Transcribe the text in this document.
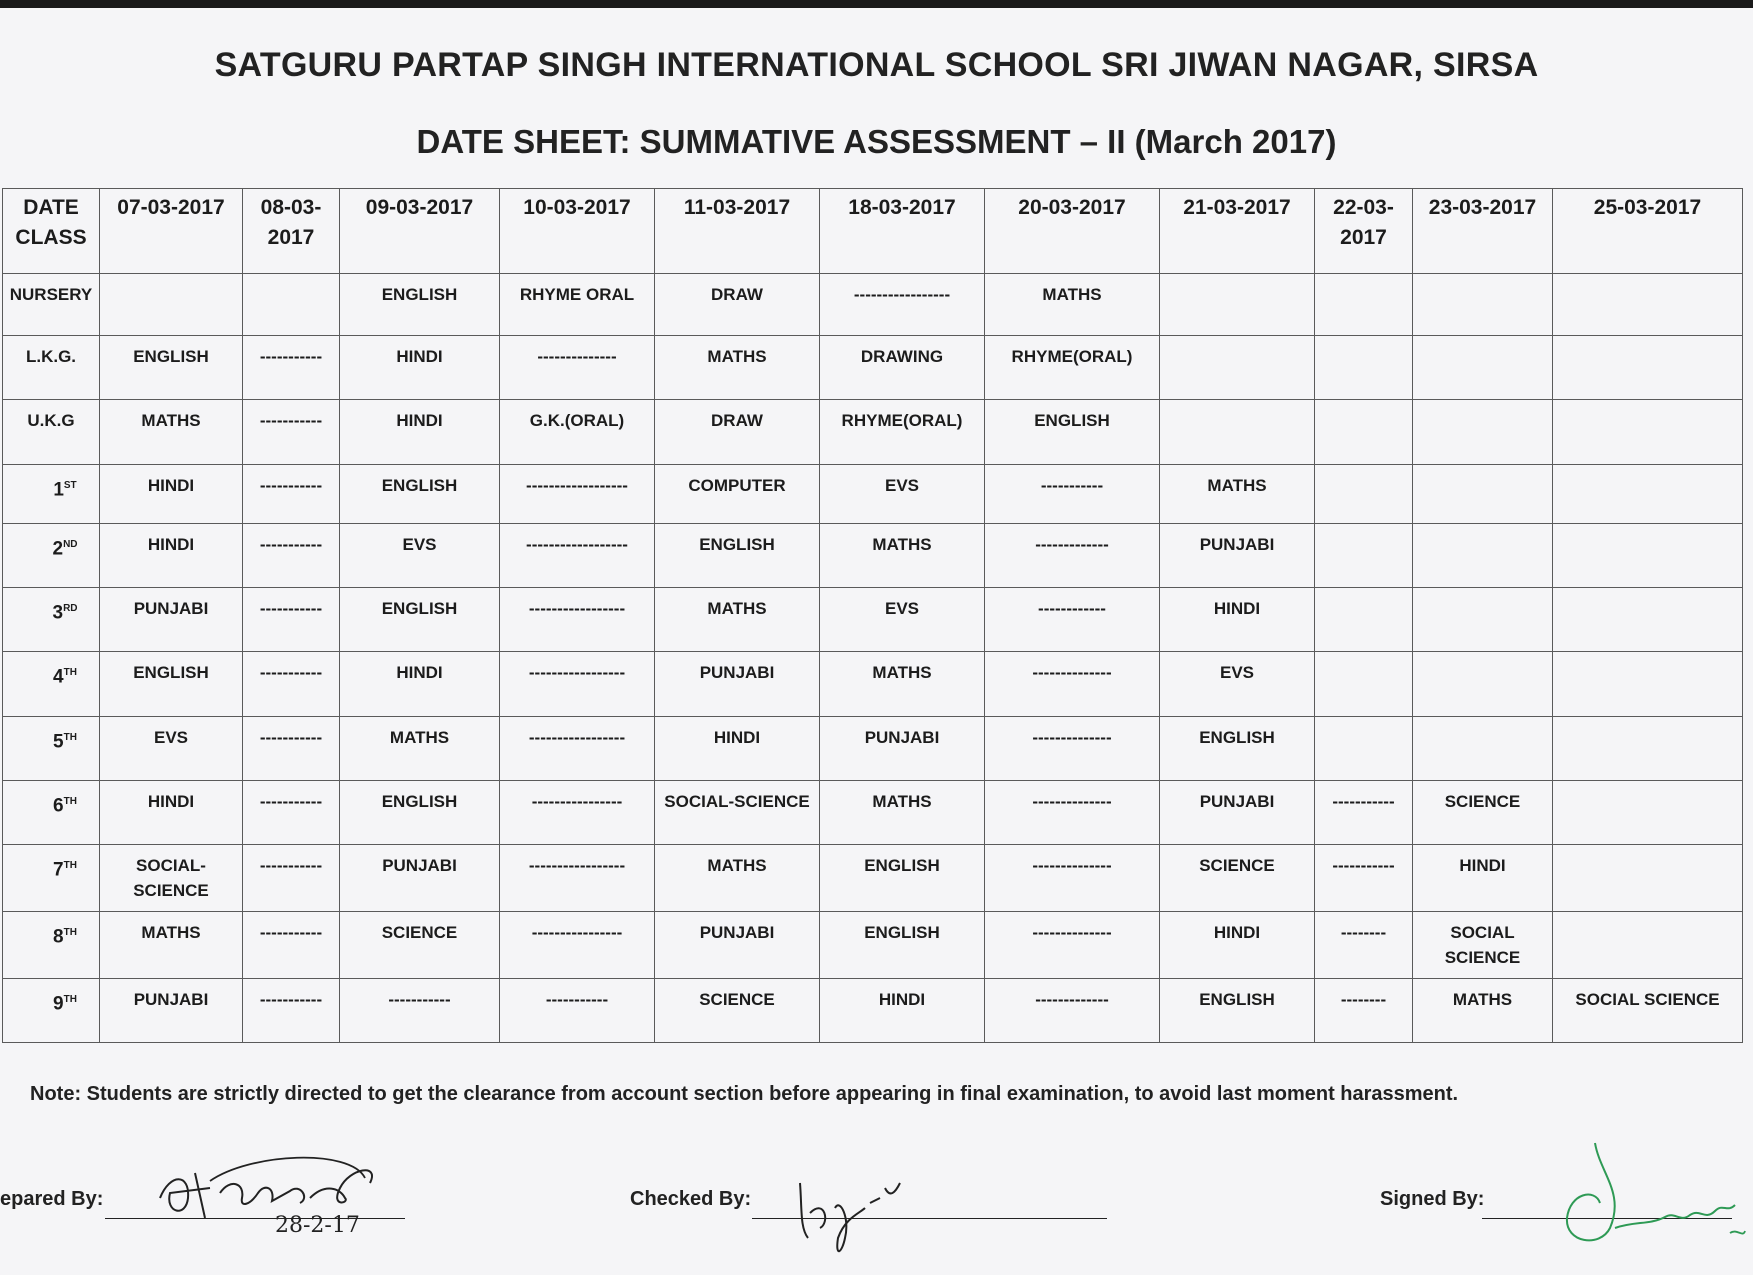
SATGURU PARTAP SINGH INTERNATIONAL SCHOOL SRI JIWAN NAGAR, SIRSA
DATE SHEET: SUMMATIVE ASSESSMENT – II (March 2017)
DATE
CLASS	07-03-2017	08-03-2017	09-03-2017	10-03-2017	11-03-2017	18-03-2017	20-03-2017	21-03-2017	22-03-2017	23-03-2017	25-03-2017
NURSERY			ENGLISH	RHYME ORAL	DRAW	-----------------	MATHS				
L.K.G.	ENGLISH	-----------	HINDI	--------------	MATHS	DRAWING	RHYME(ORAL)				
U.K.G	MATHS	-----------	HINDI	G.K.(ORAL)	DRAW	RHYME(ORAL)	ENGLISH				
1ST	HINDI	-----------	ENGLISH	------------------	COMPUTER	EVS	-----------	MATHS			
2ND	HINDI	-----------	EVS	------------------	ENGLISH	MATHS	-------------	PUNJABI			
3RD	PUNJABI	-----------	ENGLISH	-----------------	MATHS	EVS	------------	HINDI			
4TH	ENGLISH	-----------	HINDI	-----------------	PUNJABI	MATHS	--------------	EVS			
5TH	EVS	-----------	MATHS	-----------------	HINDI	PUNJABI	--------------	ENGLISH			
6TH	HINDI	-----------	ENGLISH	----------------	SOCIAL-SCIENCE	MATHS	--------------	PUNJABI	-----------	SCIENCE	
7TH	SOCIAL-SCIENCE	-----------	PUNJABI	-----------------	MATHS	ENGLISH	--------------	SCIENCE	-----------	HINDI	
8TH	MATHS	-----------	SCIENCE	----------------	PUNJABI	ENGLISH	--------------	HINDI	--------	SOCIAL SCIENCE	
9TH	PUNJABI	-----------	-----------	-----------	SCIENCE	HINDI	-------------	ENGLISH	--------	MATHS	SOCIAL SCIENCE
Note: Students are strictly directed to get the clearance from account section before appearing in final examination, to avoid last moment harassment.
epared By:
28-2-17
Checked By:	Signed By:
